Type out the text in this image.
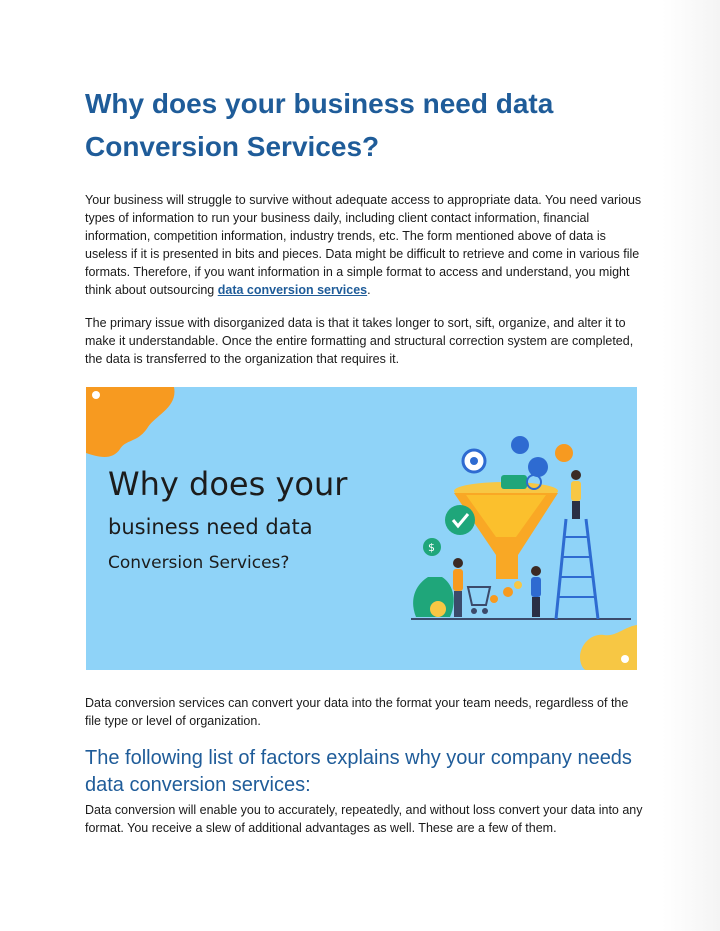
Why does your business need data Conversion Services?

Your business will struggle to survive without adequate access to appropriate data. You need various types of information to run your business daily, including client contact information, financial information, competition information, industry trends, etc. The form mentioned above of data is useless if it is presented in bits and pieces. Data might be difficult to retrieve and come in various file formats. Therefore, if you want information in a simple format to access and understand, you might think about outsourcing data conversion services.

The primary issue with disorganized data is that it takes longer to sort, sift, organize, and alter it to make it understandable. Once the entire formatting and structural correction system are completed, the data is transferred to the organization that requires it.

$

Why does your

business need data

Conversion Services?

Data conversion services can convert your data into the format your team needs, regardless of the file type or level of organization.

The following list of factors explains why your company needs data conversion services:

Data conversion will enable you to accurately, repeatedly, and without loss convert your data into any format. You receive a slew of additional advantages as well. These are a few of them.
